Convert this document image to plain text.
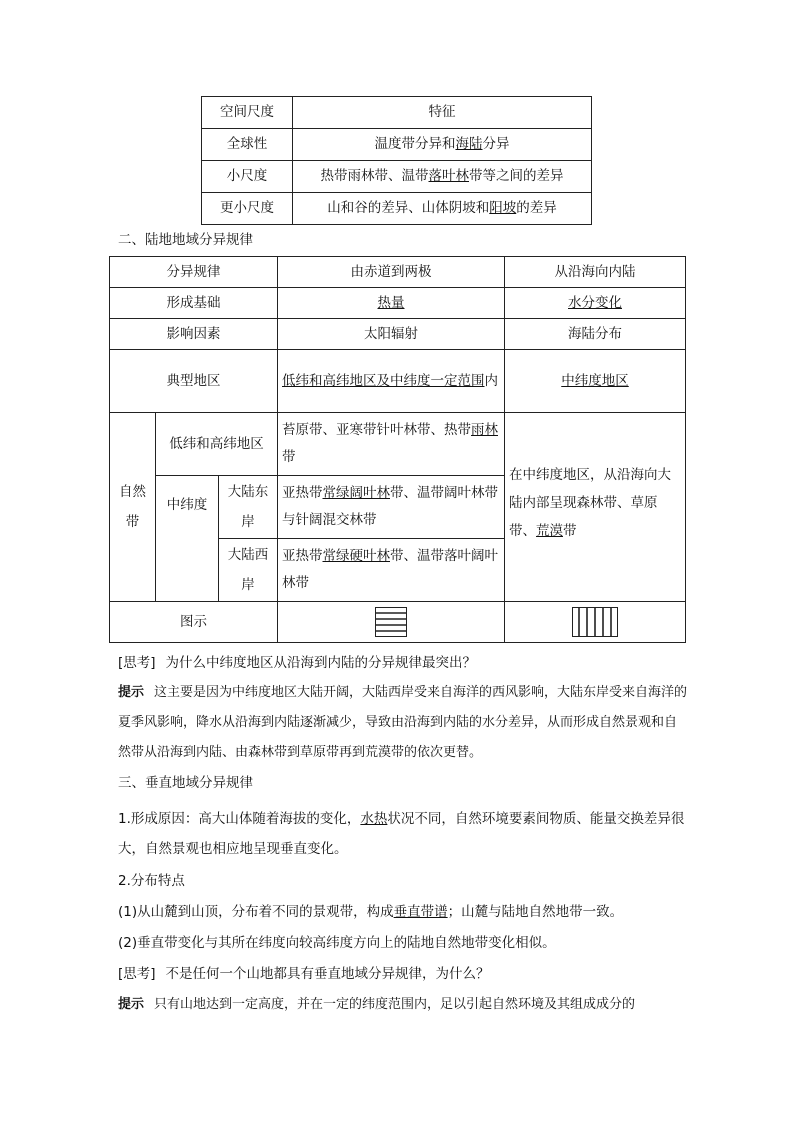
空间尺度	特征
全球性	温度带分异和海陆分异
小尺度	热带雨林带、温带落叶林带等之间的差异
更小尺度	山和谷的差异、山体阴坡和阳坡的差异
二、陆地地域分异规律
分异规律			由赤道到两极	从沿海向内陆
形成基础			热量	水分变化
影响因素			太阳辐射	海陆分布
典型地区			低纬和高纬地区及中纬度一定范围内	中纬度地区

自然带	低纬和高纬地区		苔原带、亚寒带针叶林带、热带雨林带	在中纬度地区，从沿海向大陆内部呈现森林带、草原带、荒漠带
	中纬度	大陆东岸	亚热带常绿阔叶林带、温带阔叶林带与针阔混交林带	

		大陆西岸	亚热带常绿硬叶林带、温带落叶阔叶林带	
图示		
[思考] 为什么中纬度地区从沿海到内陆的分异规律最突出？
提示 这主要是因为中纬度地区大陆开阔，大陆西岸受来自海洋的西风影响，大陆东岸受来自海洋的夏季风影响，降水从沿海到内陆逐渐减少，导致由沿海到内陆的水分差异，从而形成自然景观和自然带从沿海到内陆、由森林带到草原带再到荒漠带的依次更替。
三、垂直地域分异规律
1.形成原因：高大山体随着海拔的变化，水热状况不同，自然环境要素间物质、能量交换差异很大，自然景观也相应地呈现垂直变化。
2.分布特点
(1)从山麓到山顶，分布着不同的景观带，构成垂直带谱；山麓与陆地自然地带一致。
(2)垂直带变化与其所在纬度向较高纬度方向上的陆地自然地带变化相似。
[思考] 不是任何一个山地都具有垂直地域分异规律，为什么？
提示 只有山地达到一定高度，并在一定的纬度范围内，足以引起自然环境及其组成成分的
